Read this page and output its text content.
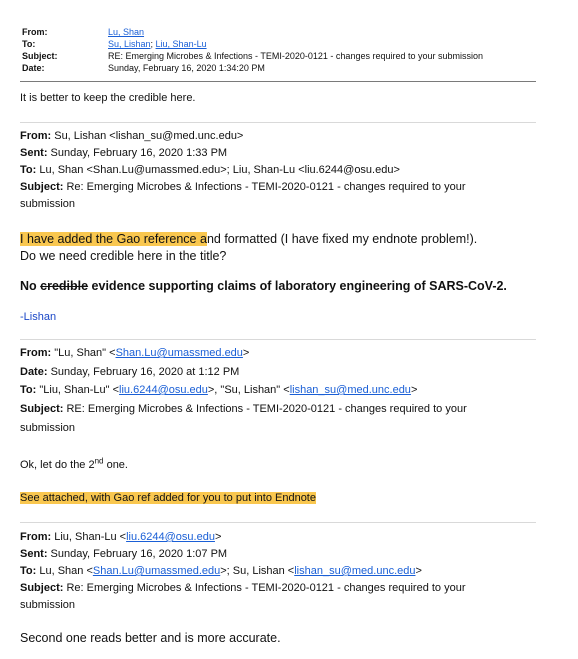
From:	Lu, Shan
To:	Su, Lishan; Liu, Shan-Lu
Subject:	RE: Emerging Microbes & Infections - TEMI-2020-0121 - changes required to your submission
Date:	Sunday, February 16, 2020 1:34:20 PM
It is better to keep the credible here.
From: Su, Lishan <lishan_su@med.unc.edu>
Sent: Sunday, February 16, 2020 1:33 PM
To: Lu, Shan <Shan.Lu@umassmed.edu>; Liu, Shan-Lu <liu.6244@osu.edu>
Subject: Re: Emerging Microbes & Infections - TEMI-2020-0121 - changes required to your
submission
I have added the Gao reference and formatted (I have fixed my endnote problem!).
Do we need credible here in the title?
No credible evidence supporting claims of laboratory engineering of SARS-CoV-2.
-Lishan
From: "Lu, Shan" <Shan.Lu@umassmed.edu>
Date: Sunday, February 16, 2020 at 1:12 PM
To: "Liu, Shan-Lu" <liu.6244@osu.edu>, "Su, Lishan" <lishan_su@med.unc.edu>
Subject: RE: Emerging Microbes & Infections - TEMI-2020-0121 - changes required to your
submission
Ok, let do the 2nd one.
See attached, with Gao ref added for you to put into Endnote
From: Liu, Shan-Lu <liu.6244@osu.edu>
Sent: Sunday, February 16, 2020 1:07 PM
To: Lu, Shan <Shan.Lu@umassmed.edu>; Su, Lishan <lishan_su@med.unc.edu>
Subject: Re: Emerging Microbes & Infections - TEMI-2020-0121 - changes required to your
submission
Second one reads better and is more accurate.
